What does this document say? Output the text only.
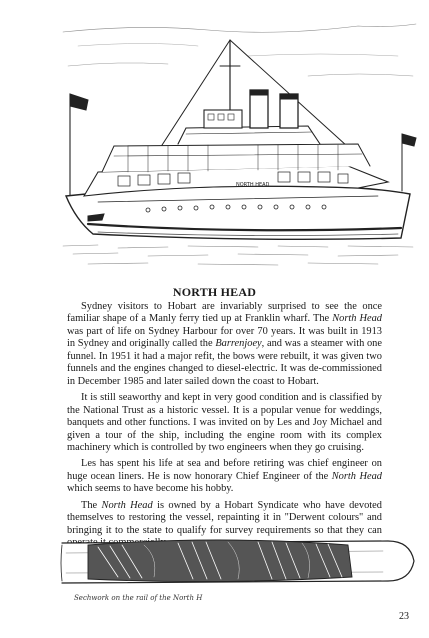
NORTH HEAD
NORTH HEAD

Sydney visitors to Hobart are invariably surprised to see the once familiar shape of a Manly ferry tied up at Franklin wharf. The North Head was part of life on Sydney Harbour for over 70 years. It was built in 1913 in Sydney and originally called the Barrenjoey, and was a steamer with one funnel. In 1951 it had a major refit, the bows were rebuilt, it was given two funnels and the engines changed to diesel-electric. It was de-commissioned in December 1985 and later sailed down the coast to Hobart.

It is still seaworthy and kept in very good condition and is classified by the National Trust as a historic vessel. It is a popular venue for weddings, banquets and other functions. I was invited on by Les and Joy Michael and given a tour of the ship, including the engine room with its complex machinery which is controlled by two engineers when they go cruising.

Les has spent his life at sea and before retiring was chief engineer on huge ocean liners. He is now honorary Chief Engineer of the North Head which seems to have become his hobby.

The North Head is owned by a Hobart Syndicate who have devoted themselves to restoring the vessel, repainting it in "Derwent colours" and bringing it to the state to qualify for survey requirements so that they can

Sechwork on the rail of the North H
23
